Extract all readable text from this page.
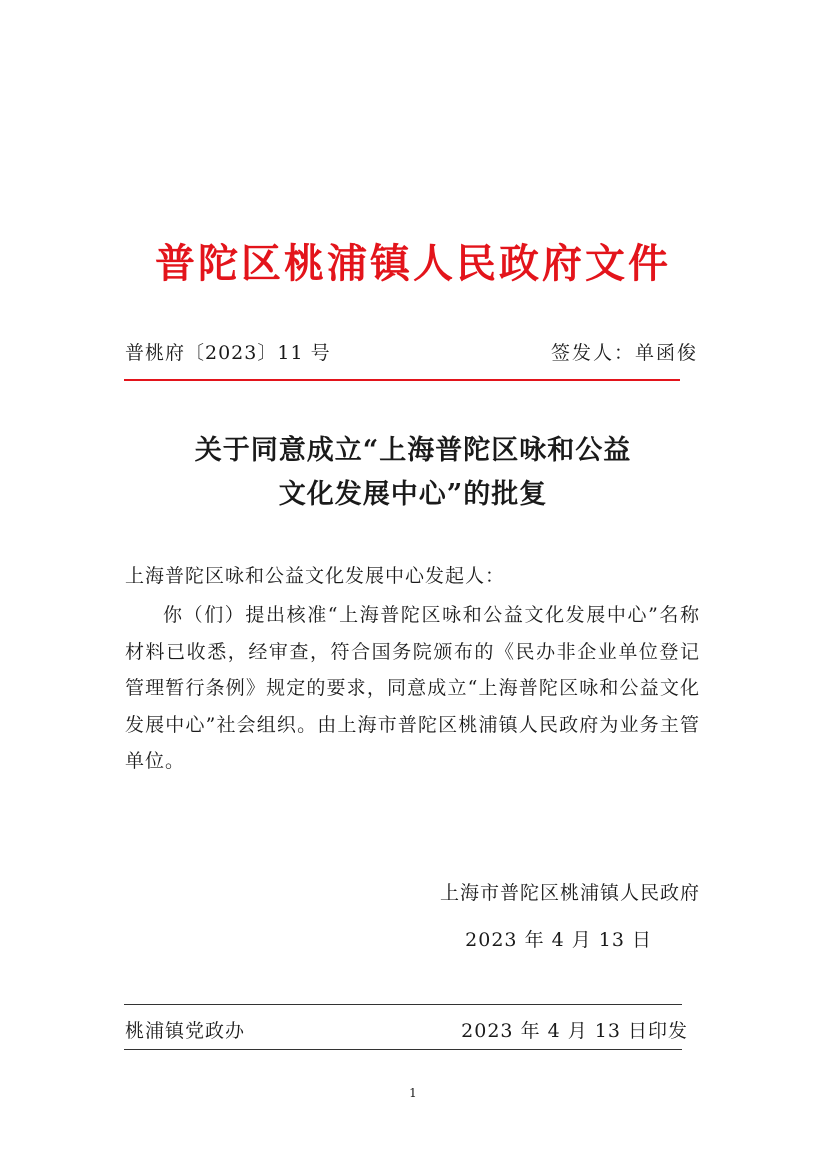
普陀区桃浦镇人民政府文件
普桃府〔2023〕11 号	签发人：单函俊
关于同意成立“上海普陀区咏和公益
文化发展中心”的批复
上海普陀区咏和公益文化发展中心发起人：
你（们）提出核准“上海普陀区咏和公益文化发展中心”名称材料已收悉，经审查，符合国务院颁布的《民办非企业单位登记管理暂行条例》规定的要求，同意成立“上海普陀区咏和公益文化发展中心”社会组织。由上海市普陀区桃浦镇人民政府为业务主管单位。
上海市普陀区桃浦镇人民政府
2023 年 4 月 13 日
桃浦镇党政办	2023 年 4 月 13 日印发
1
